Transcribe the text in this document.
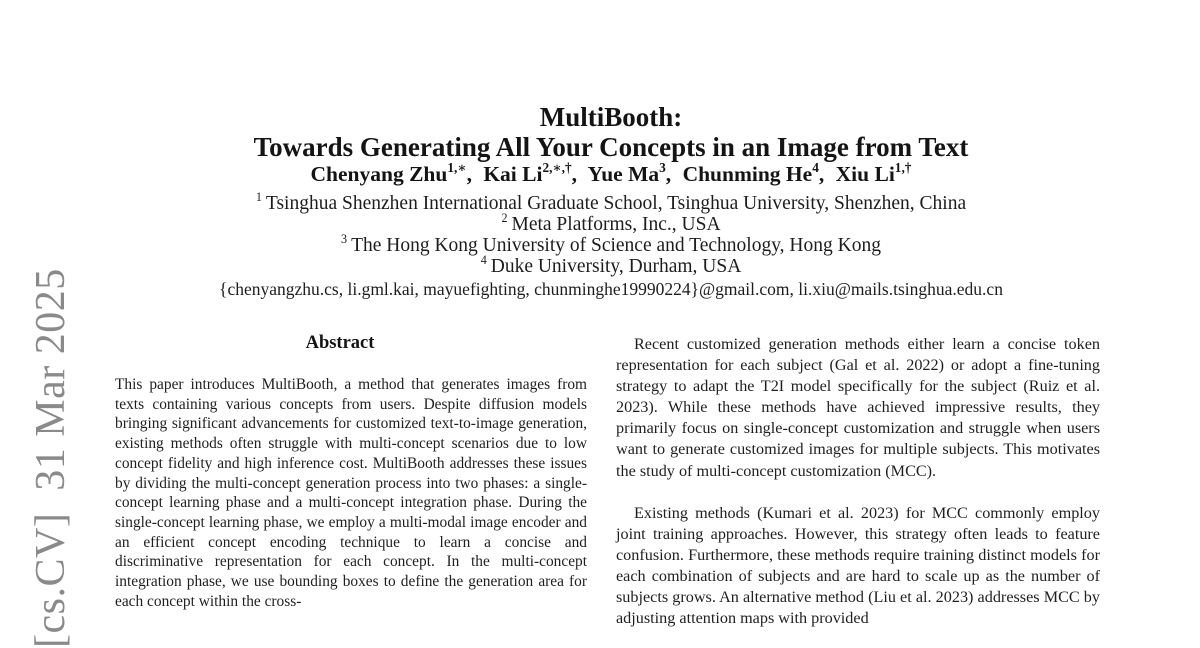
[cs.CV]  31 Mar 2025
MultiBooth:
Towards Generating All Your Concepts in an Image from Text
Chenyang Zhu$^{1,∗}$, Kai $Li^{2,∗,\dagger}$, Yue Ma$^3$, Chunming He$^4$, Xiu $Li^{1,\dagger}$
$^1$ Tsinghua Shenzhen International Graduate School, Tsinghua University, Shenzhen, China
$^2$ Meta Platforms, Inc., USA
$^3$ The Hong Kong University of Science and Technology, Hong Kong
$^4$ Duke University, Durham, USA
{chenyangzhu.cs, li.gml.kai, mayuefighting, chunminghe19990224}@gmail.com, li.xiu@mails.tsinghua.edu.cn
Abstract

This paper introduces MultiBooth, a method that generates images from texts containing various concepts from users. Despite diffusion models bringing significant advancements for customized text-to-image generation, existing methods often struggle with multi-concept scenarios due to low concept fidelity and high inference cost. MultiBooth addresses these issues by dividing the multi-concept generation process into two phases: a single-concept learning phase and a multi-concept integration phase. During the single-concept learning phase, we employ a multi-modal image encoder and an efficient concept encoding technique to learn a concise and discriminative representation for each concept. In the multi-concept integration phase, we use bounding boxes to define the generation area for each concept within the cross-

Recent customized generation methods either learn a concise token representation for each subject (Gal et al. 2022) or adopt a fine-tuning strategy to adapt the T2I model specifically for the subject (Ruiz et al. 2023). While these methods have achieved impressive results, they primarily focus on single-concept customization and struggle when users want to generate customized images for multiple subjects. This motivates the study of multi-concept customization (MCC).

Existing methods (Kumari et al. 2023) for MCC commonly employ joint training approaches. However, this strategy often leads to feature confusion. Furthermore, these methods require training distinct models for each combination of subjects and are hard to scale up as the number of subjects grows. An alternative method (Liu et al. 2023) addresses MCC by adjusting attention maps with provided
